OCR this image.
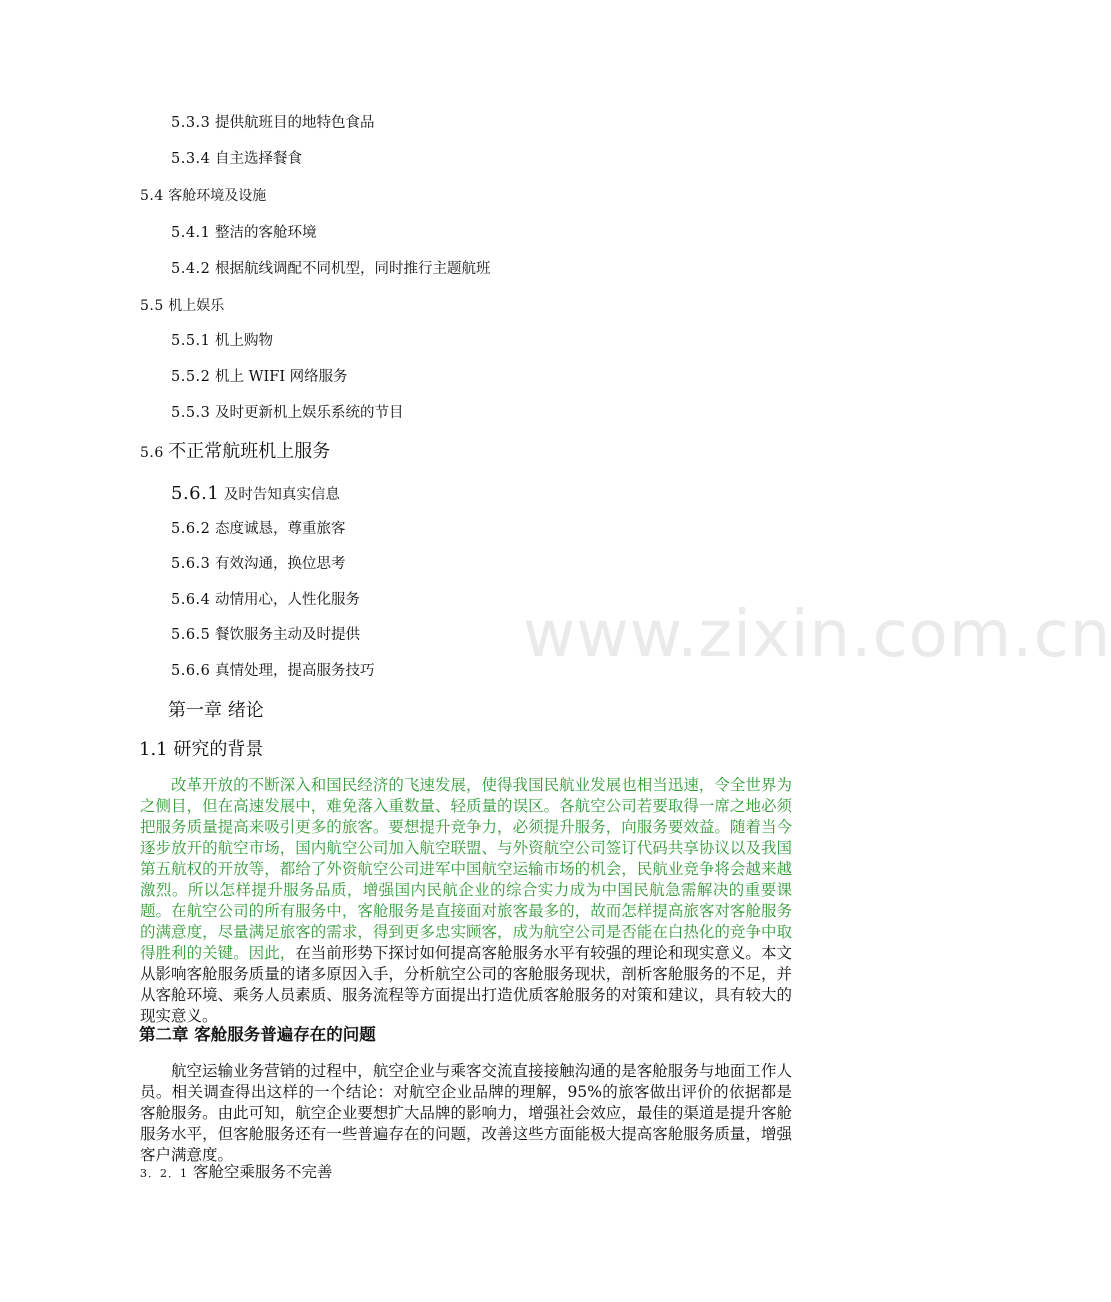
5.3.3 提供航班目的地特色食品
5.3.4 自主选择餐食
5.4 客舱环境及设施
5.4.1 整洁的客舱环境
5.4.2 根据航线调配不同机型，同时推行主题航班
5.5 机上娱乐
5.5.1 机上购物
5.5.2 机上 WIFI 网络服务
5.5.3 及时更新机上娱乐系统的节目
5.6 不正常航班机上服务
5.6.1 及时告知真实信息
5.6.2 态度诚恳，尊重旅客
5.6.3 有效沟通，换位思考
5.6.4 动情用心，人性化服务
5.6.5 餐饮服务主动及时提供
5.6.6 真情处理，提高服务技巧 www.zixin.com.cn
第一章 绪论
1.1 研究的背景

改革开放的不断深入和国民经济的飞速发展，使得我国民航业发展也相当迅速，令全世界为之侧目，但在高速发展中，难免落入重数量、轻质量的误区。各航空公司若要取得一席之地必须把服务质量提高来吸引更多的旅客。要想提升竞争力，必须提升服务，向服务要效益。随着当今逐步放开的航空市场，国内航空公司加入航空联盟、与外资航空公司签订代码共享协议以及我国第五航权的开放等，都给了外资航空公司进军中国航空运输市场的机会，民航业竞争将会越来越激烈。所以怎样提升服务品质，增强国内民航企业的综合实力成为中国民航急需解决的重要课题。在航空公司的所有服务中，客舱服务是直接面对旅客最多的，故而怎样提高旅客对客舱服务的满意度，尽量满足旅客的需求，得到更多忠实顾客，成为航空公司是否能在白热化的竞争中取得胜利的关键。因此，在当前形势下探讨如何提高客舱服务水平有较强的理论和现实意义。本文从影响客舱服务质量的诸多原因入手，分析航空公司的客舱服务现状，剖析客舱服务的不足，并从客舱环境、乘务人员素质、服务流程等方面提出打造优质客舱服务的对策和建议，具有较大的现实意义。

第二章 客舱服务普遍存在的问题

航空运输业务营销的过程中，航空企业与乘客交流直接接触沟通的是客舱服务与地面工作人员。相关调查得出这样的一个结论：对航空企业品牌的理解，95%的旅客做出评价的依据都是客舱服务。由此可知，航空企业要想扩大品牌的影响力，增强社会效应，最佳的渠道是提升客舱服务水平，但客舱服务还有一些普遍存在的问题，改善这些方面能极大提高客舱服务质量，增强客户满意度。

3．2．1 客舱空乘服务不完善
